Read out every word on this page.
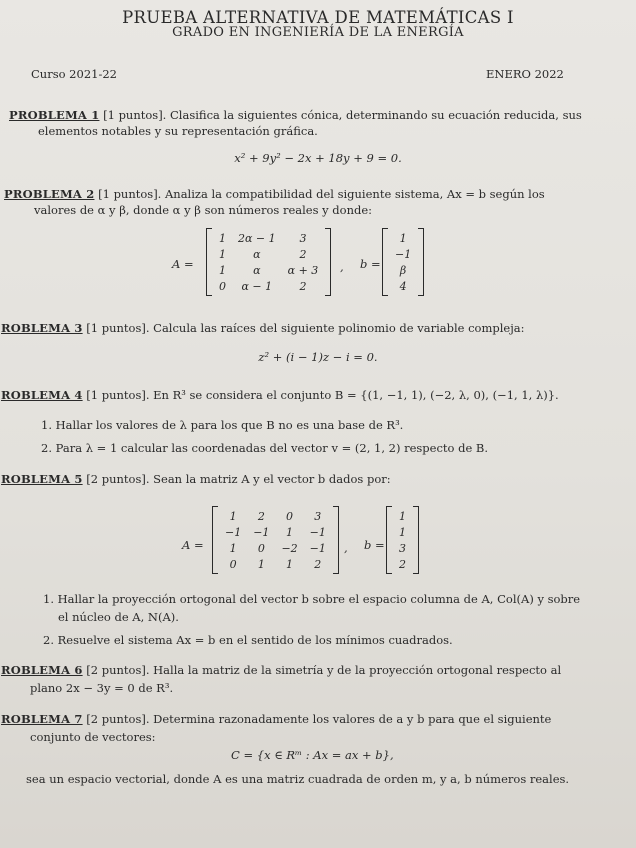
PRUEBA ALTERNATIVA DE MATEMÁTICAS I
GRADO EN INGENIERÍA DE LA ENERGÍA
Curso 2021-22	ENERO 2022
PROBLEMA 1 [1 puntos]. Clasifica la siguientes cónica, determinando su ecuación reducida, sus
elementos notables y su representación gráfica.
x² + 9y² − 2x + 18y + 9 = 0.
PROBLEMA 2 [1 puntos]. Analiza la compatibilidad del siguiente sistema, Ax = b según los
valores de α y β, donde α y β son números reales y donde:
A =
1	2α − 1	3
1	α	2
1	α	α + 3
0	α − 1	2
, b =
1
−1
β
4
ROBLEMA 3 [1 puntos]. Calcula las raíces del siguiente polinomio de variable compleja:
z² + (i − 1)z − i = 0.
ROBLEMA 4 [1 puntos]. En R³ se considera el conjunto B = {(1, −1, 1), (−2, λ, 0), (−1, 1, λ)}.
1. Hallar los valores de λ para los que B no es una base de R³.
2. Para λ = 1 calcular las coordenadas del vector v = (2, 1, 2) respecto de B.
ROBLEMA 5 [2 puntos]. Sean la matriz A y el vector b dados por:
A =
1	2	0	3
−1	−1	1	−1
1	0	−2	−1
0	1	1	2
, b =
1
1
3
2
1. Hallar la proyección ortogonal del vector b sobre el espacio columna de A, Col(A) y sobre
el núcleo de A, N(A).
2. Resuelve el sistema Ax = b en el sentido de los mínimos cuadrados.
ROBLEMA 6 [2 puntos]. Halla la matriz de la simetría y de la proyección ortogonal respecto al
plano 2x − 3y = 0 de R³.
ROBLEMA 7 [2 puntos]. Determina razonadamente los valores de a y b para que el siguiente
conjunto de vectores:
C = {x ∈ Rᵐ : Ax = ax + b},
sea un espacio vectorial, donde A es una matriz cuadrada de orden m, y a, b números reales.
